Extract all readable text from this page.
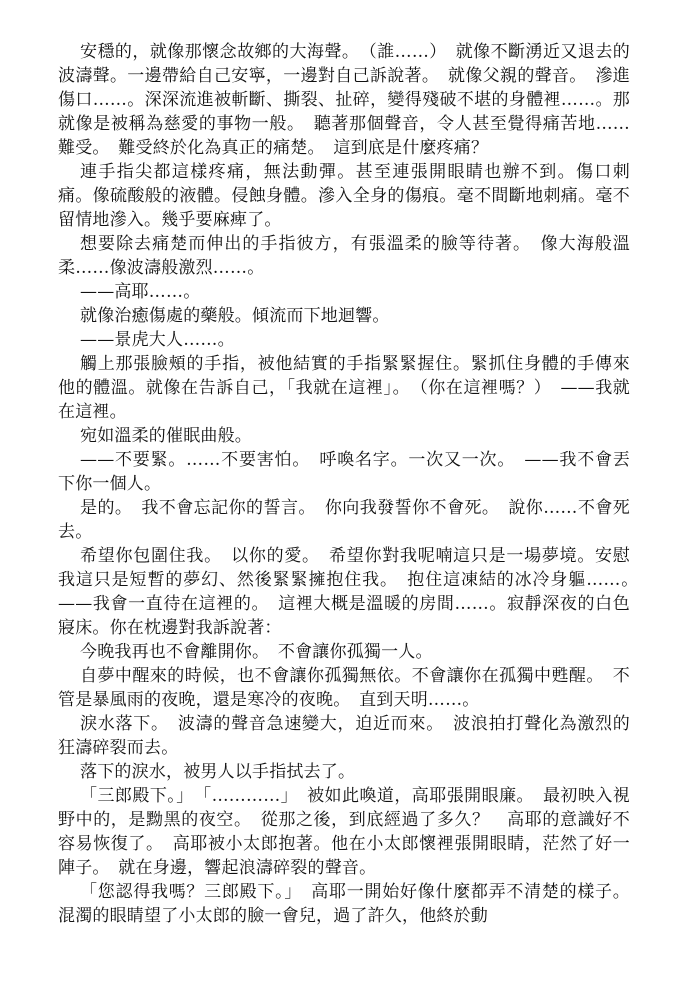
安穩的，就像那懷念故鄉的大海聲。　（誰……）　就像不斷湧近又退去的波濤聲。一邊帶給自己安寧，一邊對自己訴說著。　就像父親的聲音。　滲進傷口……。深深流進被斬斷、撕裂、扯碎，變得殘破不堪的身體裡……。那就像是被稱為慈愛的事物一般。　聽著那個聲音，令人甚至覺得痛苦地……難受。　難受終於化為真正的痛楚。　這到底是什麼疼痛？

連手指尖都這樣疼痛，無法動彈。甚至連張開眼睛也辦不到。傷口刺痛。像硫酸般的液體。侵蝕身體。滲入全身的傷痕。毫不間斷地刺痛。毫不留情地滲入。幾乎要麻痺了。

想要除去痛楚而伸出的手指彼方，有張溫柔的臉等待著。　像大海般溫柔……像波濤般激烈……。

——高耶……。

就像治癒傷處的藥般。傾流而下地迴響。

——景虎大人……。

觸上那張臉頰的手指，被他結實的手指緊緊握住。緊抓住身體的手傳來他的體溫。就像在告訴自己，「我就在這裡」。　（你在這裡嗎？）　——我就在這裡。

宛如溫柔的催眠曲般。

——不要緊。……不要害怕。　呼喚名字。一次又一次。　——我不會丟下你一個人。

是的。　我不會忘記你的誓言。　你向我發誓你不會死。　說你……不會死去。

希望你包圍住我。　以你的愛。　希望你對我呢喃這只是一場夢境。安慰我這只是短暫的夢幻、然後緊緊擁抱住我。　抱住這凍結的冰冷身軀……。　——我會一直待在這裡的。　這裡大概是溫暖的房間……。寂靜深夜的白色寢床。你在枕邊對我訴說著：

今晚我再也不會離開你。　不會讓你孤獨一人。

自夢中醒來的時候，也不會讓你孤獨無依。不會讓你在孤獨中甦醒。　不管是暴風雨的夜晚，還是寒冷的夜晚。　直到天明……。

淚水落下。　波濤的聲音急速變大，迫近而來。　波浪拍打聲化為激烈的狂濤碎裂而去。

落下的淚水，被男人以手指拭去了。

「三郎殿下。」　「…………」　被如此喚道，高耶張開眼廉。　最初映入視野中的，是黝黑的夜空。　從那之後，到底經過了多久？　高耶的意識好不容易恢復了。　高耶被小太郎抱著。他在小太郎懷裡張開眼睛，茫然了好一陣子。　就在身邊，響起浪濤碎裂的聲音。

「您認得我嗎？三郎殿下。」　高耶一開始好像什麼都弄不清楚的樣子。混濁的眼睛望了小太郎的臉一會兒，過了許久，他終於動
